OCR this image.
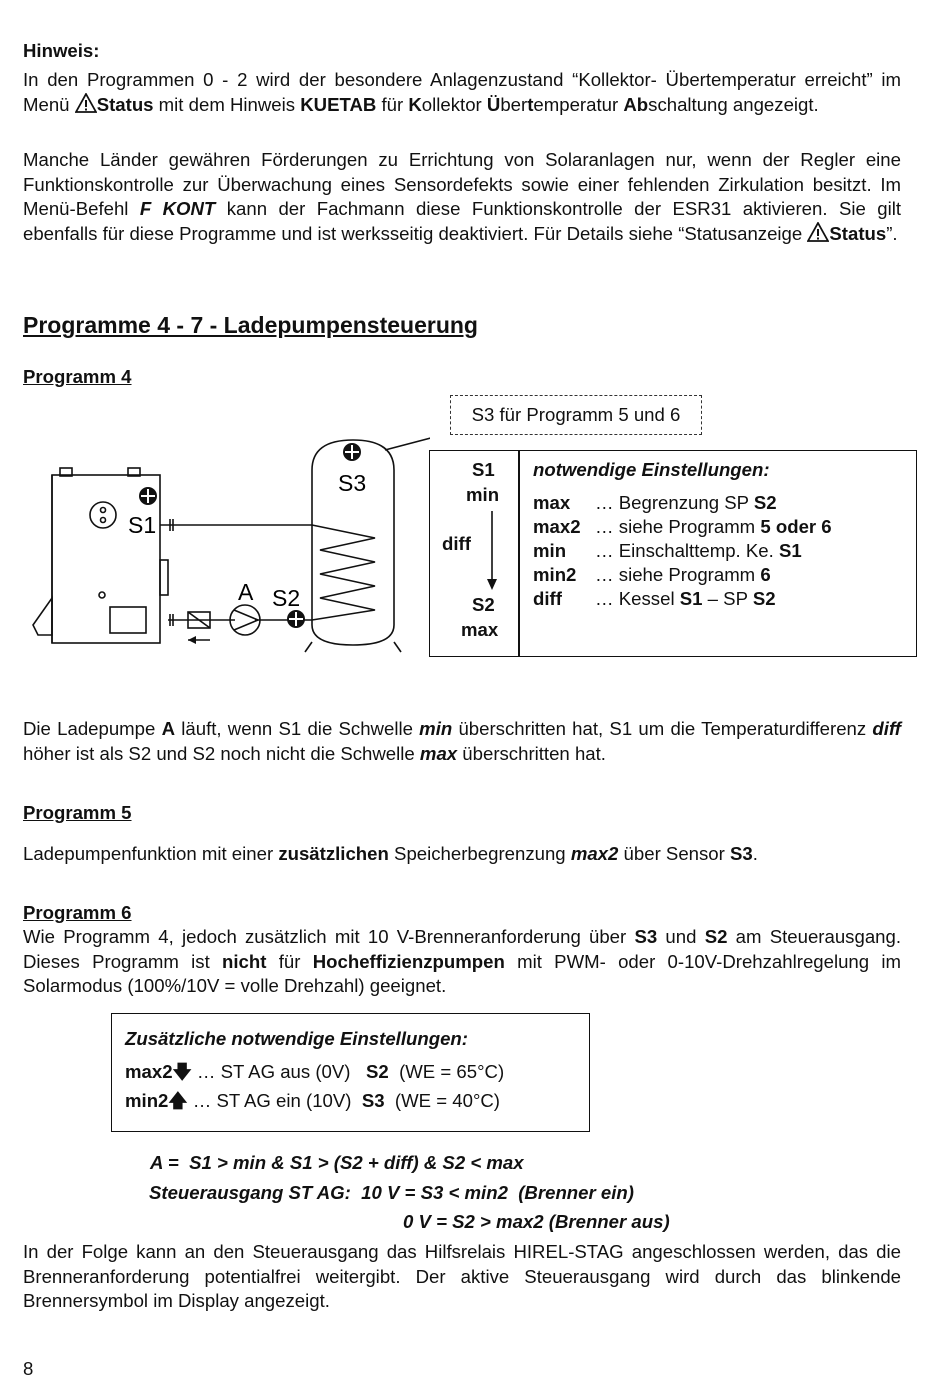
Hinweis:
In den Programmen 0 - 2 wird der besondere Anlagenzustand “Kollektor- Übertemperatur erreicht” im Menü
Status mit dem Hinweis KUETAB für Kollektor Übertemperatur Abschaltung angezeigt.
Manche Länder gewähren Förderungen zu Errichtung von Solaranlagen nur, wenn der Regler eine Funktionskontrolle zur Überwachung eines Sensordefekts sowie einer fehlenden Zirkulation besitzt. Im Menü-Befehl F KONT kann der Fachmann diese Funktionskontrolle der ESR31 aktivieren. Sie gilt ebenfalls für diese Programme und ist werksseitig deaktiviert. Für Details siehe “Statusanzeige
Status”.
Programme 4 - 7 - Ladepumpensteuerung
Programm 4
S3 für Programm 5 und 6
S1
S3
A S2
S1
min
diff
S2
max
notwendige Einstellungen:
max … Begrenzung SP S2
max2 … siehe Programm 5 oder 6
min … Einschalttemp. Ke. S1
min2 … siehe Programm 6
diff … Kessel S1 – SP S2
Die Ladepumpe A läuft, wenn S1 die Schwelle min überschritten hat, S1 um die Temperaturdifferenz diff höher ist als S2 und S2 noch nicht die Schwelle max überschritten hat.
Programm 5
Ladepumpenfunktion mit einer zusätzlichen Speicherbegrenzung max2 über Sensor S3.
Programm 6
Wie Programm 4, jedoch zusätzlich mit 10 V-Brenneranforderung über S3 und S2 am Steuerausgang. Dieses Programm ist nicht für Hocheffizienzpumpen mit PWM- oder 0-10V-Drehzahlregelung im Solarmodus (100%/10V = volle Drehzahl) geeignet.
Zusätzliche notwendige Einstellungen:
max2🡇 … ST AG aus (0V)   S2  (WE = 65°C)
min2🡅 … ST AG ein (10V)  S3  (WE = 40°C)
A =  S1 > min & S1 > (S2 + diff) & S2 < max
Steuerausgang ST AG:  10 V = S3 < min2  (Brenner ein)
0 V = S2 > max2 (Brenner aus)
In der Folge kann an den Steuerausgang das Hilfsrelais HIREL-STAG angeschlossen werden, das die Brenneranforderung potentialfrei weitergibt. Der aktive Steuerausgang wird durch das blinkende Brennersymbol im Display angezeigt.
8
